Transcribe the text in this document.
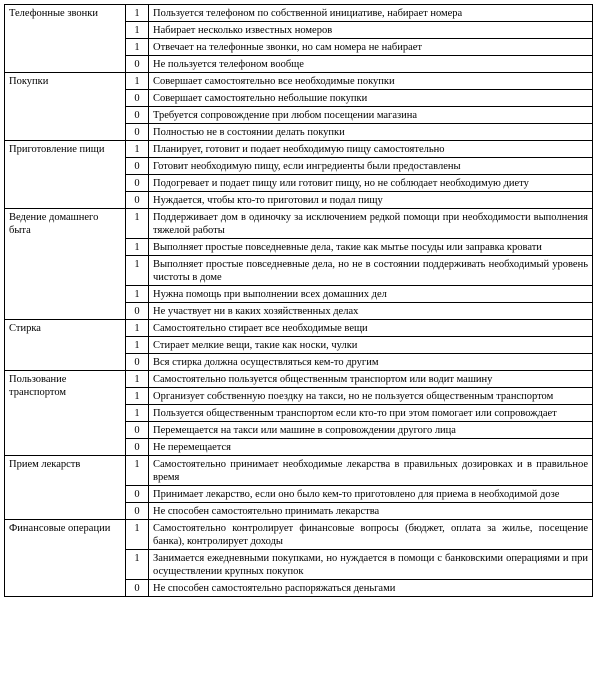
Телефонные звонки	1	Пользуется телефоном по собственной инициативе, набирает номера
	1	Набирает несколько известных номеров
	1	Отвечает на телефонные звонки, но сам номера не набирает
	0	Не пользуется телефоном вообще
Покупки	1	Совершает самостоятельно все необходимые покупки
	0	Совершает самостоятельно небольшие покупки
	0	Требуется сопровождение при любом посещении магазина
	0	Полностью не в состоянии делать покупки
Приготовление пищи	1	Планирует, готовит и подает необходимую пищу самостоятельно
	0	Готовит необходимую пищу, если ингредиенты были предоставлены
	0	Подогревает и подает пищу или готовит пищу, но не соблюдает необходимую диету
	0	Нуждается, чтобы кто-то приготовил и подал пищу
Ведение домашнего быта	1	Поддерживает дом в одиночку за исключением редкой помощи при необходимости выполнения тяжелой работы
	1	Выполняет простые повседневные дела, такие как мытье посуды или заправка кровати
	1	Выполняет простые повседневные дела, но не в состоянии поддерживать необходимый уровень чистоты в доме
	1	Нужна помощь при выполнении всех домашних дел
	0	Не участвует ни в каких хозяйственных делах
Стирка	1	Самостоятельно стирает все необходимые вещи
	1	Стирает мелкие вещи, такие как носки, чулки
	0	Вся стирка должна осуществляться кем-то другим
Пользование транспортом	1	Самостоятельно пользуется общественным транспортом или водит машину
	1	Организует собственную поездку на такси, но не пользуется общественным транспортом
	1	Пользуется общественным транспортом если кто-то при этом помогает или сопровождает
	0	Перемещается на такси или машине в сопровождении другого лица
	0	Не перемещается
Прием лекарств	1	Самостоятельно принимает необходимые лекарства в правильных дозировках и в правильное время
	0	Принимает лекарство, если оно было кем-то приготовлено для приема в необходимой дозе
	0	Не способен самостоятельно принимать лекарства
Финансовые операции	1	Самостоятельно контролирует финансовые вопросы (бюджет, оплата за жилье, посещение банка), контролирует доходы
	1	Занимается ежедневными покупками, но нуждается в помощи с банковскими операциями и при осуществлении крупных покупок
	0	Не способен самостоятельно распоряжаться деньгами
